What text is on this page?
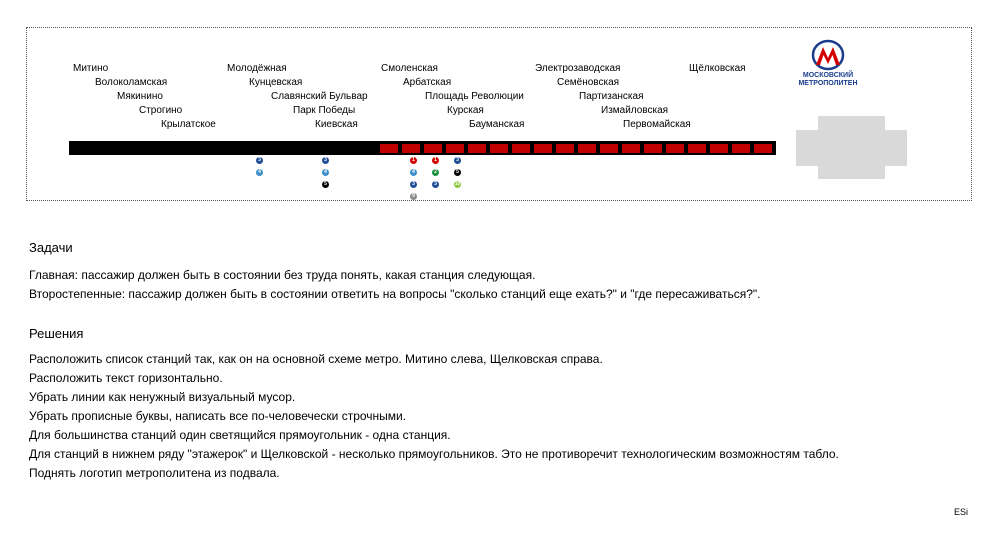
Митино
Волоколамская
Мякинино
Строгино
Крылатское
Молодёжная
Кунцевская
Славянский Бульвар
Парк Победы
Киевская
Смоленская
Арбатская
Площадь Революции
Курская
Бауманская
Электрозаводская
Семёновская
Партизанская
Измайловская
Первомайская
Щёлковская
3
4
3
4
5
1
4
3
9
1
2
3
3
5
10
МОСКОВСКИЙ
МЕТРОПОЛИТЕН
Задачи
Главная: пассажир должен быть в состоянии без труда понять, какая станция следующая.
Второстепенные: пассажир должен быть в состоянии ответить на вопросы "сколько станций еще ехать?" и "где пересаживаться?".
Решения
Расположить список станций так, как он на основной схеме метро. Митино слева, Щелковская справа.
Расположить текст горизонтально.
Убрать линии как ненужный визуальный мусор.
Убрать прописные буквы, написать все по-человечески строчными.
Для большинства станций один светящийся прямоугольник - одна станция.
Для станций в нижнем ряду "этажерок" и Щелковской - несколько прямоугольников. Это не противоречит технологическим возможностям табло.
Поднять логотип метрополитена из подвала.
ESi
